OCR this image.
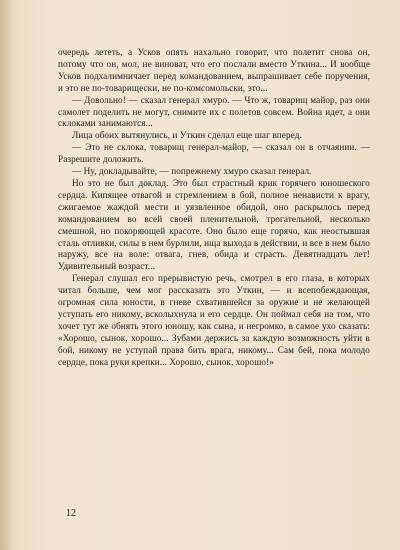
очередь лететь, а Усков опять нахально говорит, что полетит снова он, потому что он, мол, не виноват, что его послали вместо Уткина... И вообще Усков подхалимничает перед командованием, выпрашивает себе поручения, и это не по-товарищески, не по-комсомольски, это...

— Довольно! — сказал генерал хмуро. — Что ж, товарищ майор, раз они самолет поделить не могут, снимите их с полетов совсем. Война идет, а они склоками занимаются...

Лица обоих вытянулись, и Уткин сделал еще шаг вперед.

— Это не склока, товарищ генерал-майор, — сказал он в отчаянии. — Разрешите доложить.

— Ну, докладывайте, — попрежнему хмуро сказал генерал.

Но это не был доклад. Это был страстный крик горячего юношеского сердца. Кипящее отвагой и стремлением в бой, полное ненависти к врагу, сжигаемое жаждой мести и уязвленное обидой, оно раскрылось перед командованием во всей своей пленительной, трогательной, несколько смешной, но покоряющей красоте. Оно было еще горячо, как неостывшая сталь отливки, силы в нем бурлили, ища выхода в действии, и все в нем было наружу, все на воле: отвага, гнев, обида и страсть. Девятнадцать лет! Удивительный возраст...

Генерал слушал его прерывистую речь, смотрел в его глаза, в которых читал больше, чем мог рассказать это Уткин, — и всепобеждающая, огромная сила юности, в гневе схватившейся за оружие и не желающей уступать его никому, всколыхнула и его сердце. Он поймал себя на том, что хочет тут же обнять этого юношу, как сына, и негромко, в самое ухо сказать: «Хорошо, сынок, хорошо... Зубами держись за каждую возможность уйти в бой, никому не уступай права бить врага, никому... Сам бей, пока молодо сердце, пока руки крепки... Хорошо, сынок, хорошо!»

12
